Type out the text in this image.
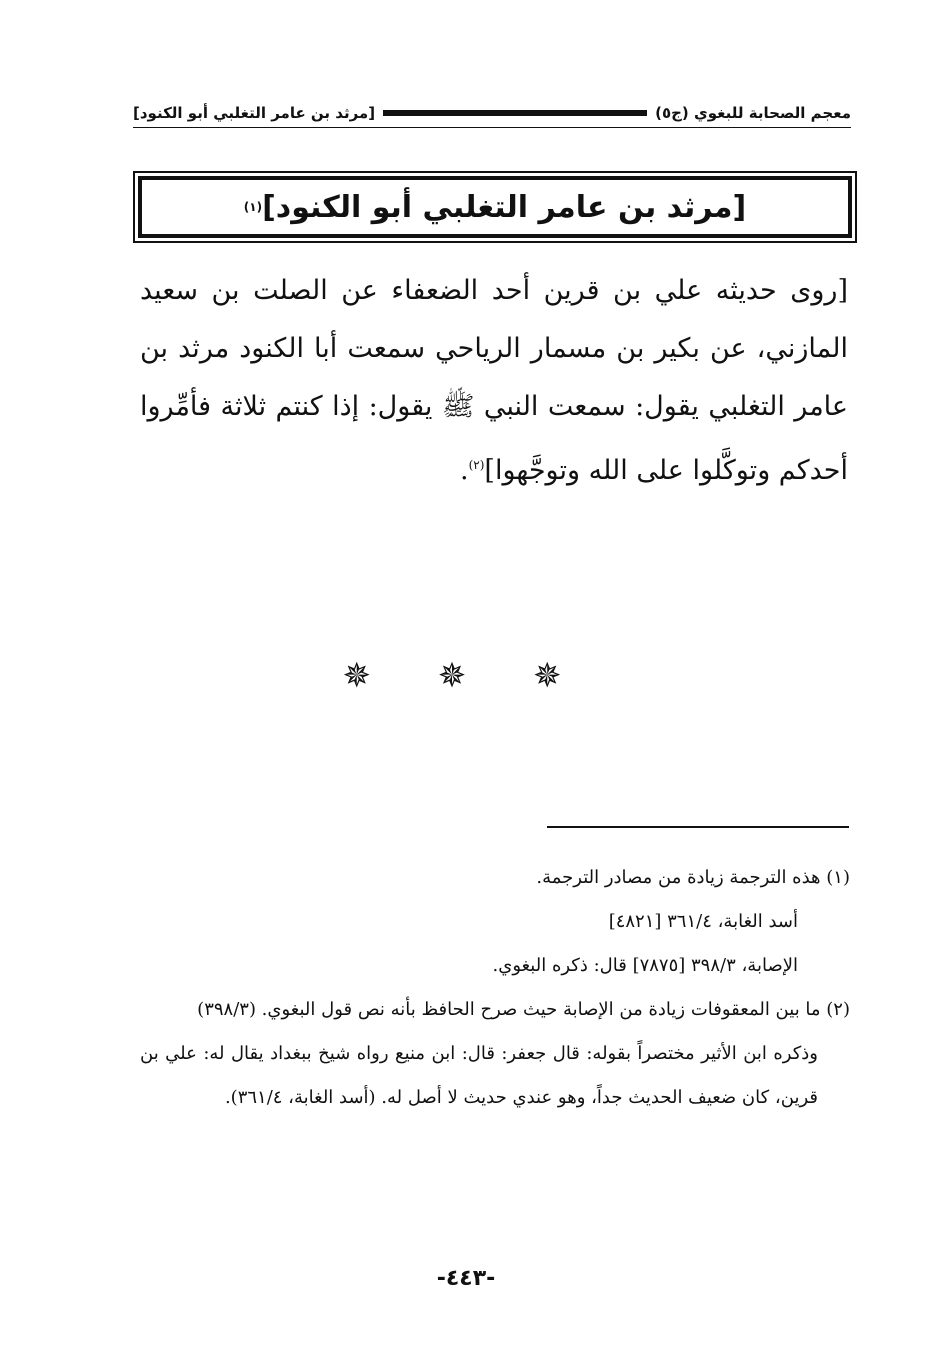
معجم الصحابة للبغوي (ج٥)
[مرثد بن عامر التغلبي أبو الكنود]
[مرثد بن عامر التغلبي أبو الكنود]
(١)
[روى حديثه علي بن قرين أحد الضعفاء عن الصلت بن سعيد المازني، عن بكير بن مسمار الرياحي سمعت أبا الكنود مرثد بن عامر التغلبي يقول: سمعت النبي ﷺ يقول: إذا كنتم ثلاثة فأمِّروا أحدكم وتوكَّلوا على الله وتوجَّهوا]$^{(٢)}$.
✵ ✵ ✵
(١) هذه الترجمة زيادة من مصادر الترجمة.
أسد الغابة، ٣٦١/٤ [٤٨٢١]
الإصابة، ٣٩٨/٣ [٧٨٧٥] قال: ذكره البغوي.
(٢) ما بين المعقوفات زيادة من الإصابة حيث صرح الحافظ بأنه نص قول البغوي. (٣٩٨/٣)
وذكره ابن الأثير مختصراً بقوله: قال جعفر: قال: ابن منيع رواه شيخ ببغداد يقال له: علي بن قرين، كان ضعيف الحديث جداً، وهو عندي حديث لا أصل له. (أسد الغابة، ٣٦١/٤).
-٤٤٣-
